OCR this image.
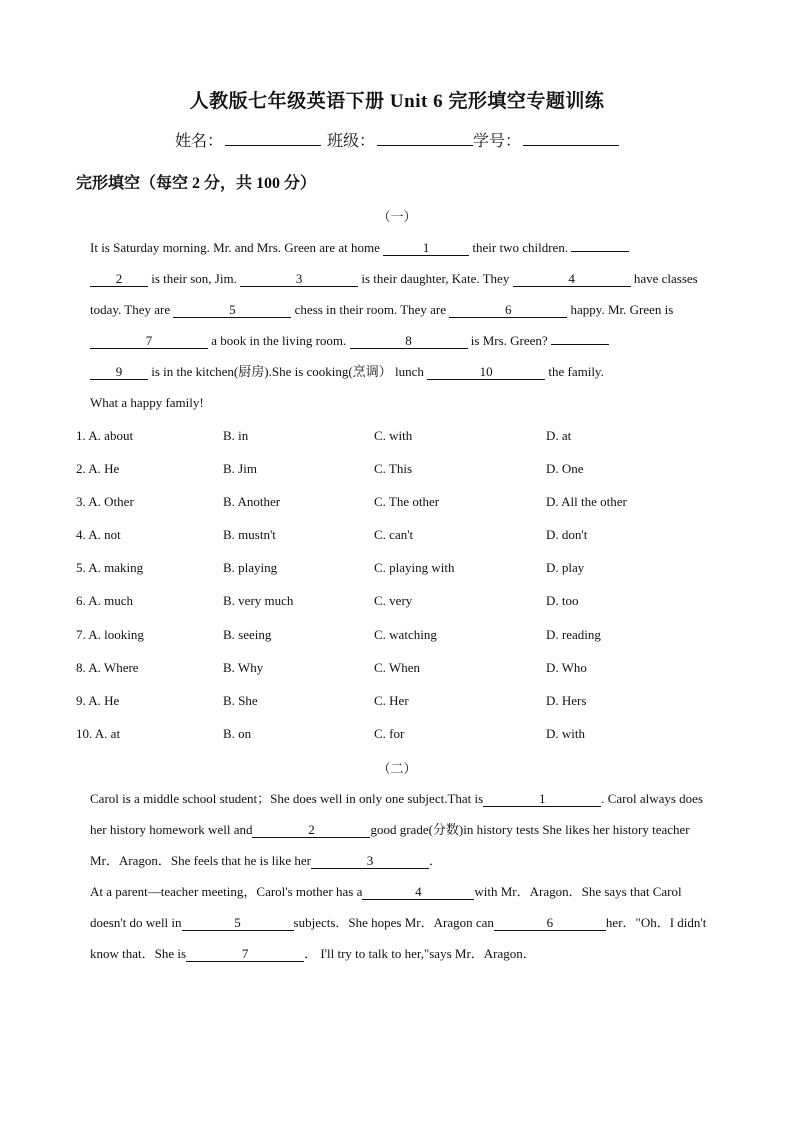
人教版七年级英语下册 Unit 6 完形填空专题训练
姓名：	班级：	学号：
完形填空（每空 2 分，共 100 分）
（一）

It is Saturday morning. Mr. and Mrs. Green are at home	1	their two children.
2 is their son, Jim.	3	is their daughter, Kate. They	4	have classes today. They are	5	chess in their room. They are	6	happy. Mr. Green is 7	a book in the living room.	8	is Mrs. Green?
9 is in the kitchen(厨房).She is cooking(烹调） lunch	10	the family.

What a happy family!

1. A. about	B. in	C. with	D. at
2. A. He	B. Jim	C. This	D. One
3. A. Other	B. Another	C. The other	D. All the other
4. A. not	B. mustn't	C. can't	D. don't
5. A. making	B. playing	C. playing with	D. play
6. A. much	B. very much	C. very	D. too
7. A. looking	B. seeing	C. watching	D. reading
8. A. Where	B. Why	C. When	D. Who
9. A. He	B. She	C. Her	D. Hers
10. A. at	B. on	C. for	D. with
（二）

Carol is a middle school student；She does well in only one subject.That is	1	. Carol always does her history homework well and	2	good grade(分数)in history tests She likes her history teacher Mr．Aragon．She feels that he is like her	3	．

At a parent—teacher meeting，Carol's mother has a	4	with Mr．Aragon．She says that Carol doesn't do well in	5	subjects．She hopes Mr．Aragon can	6	her．"Oh．I didn't know that．She is	7	． I'll try to talk to her,"says Mr．Aragon．
